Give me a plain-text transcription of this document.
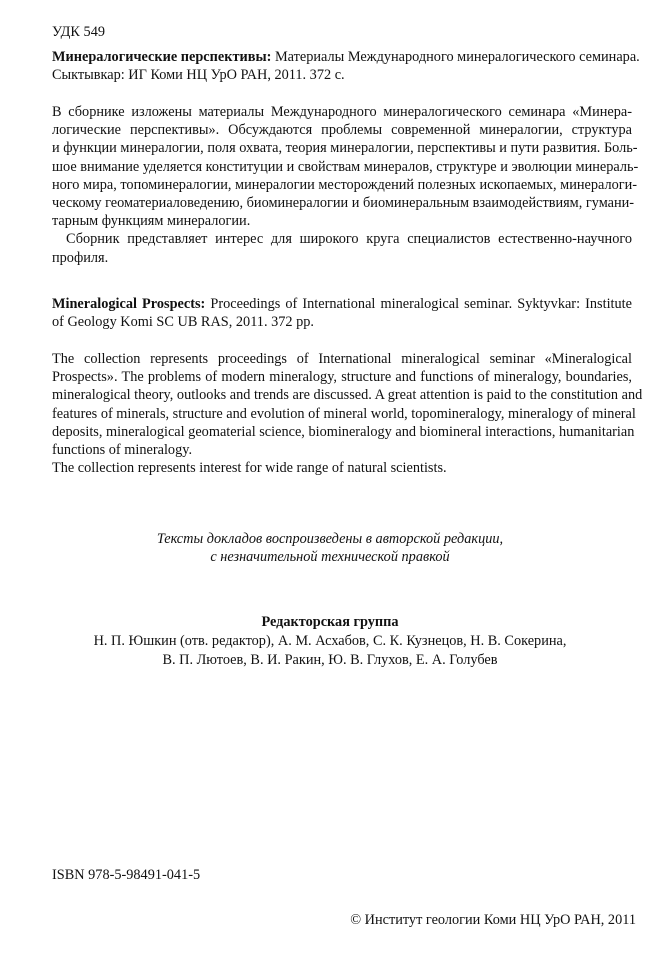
УДК 549
Минералогические перспективы: Материалы Международного минералогического семинара.
Сыктывкар: ИГ Коми НЦ УрО РАН, 2011. 372 с.
В сборнике изложены материалы Международного минералогического семинара «Минера-
логические перспективы». Обсуждаются проблемы современной минералогии, структура
и функции минералогии, поля охвата, теория минералогии, перспективы и пути развития. Боль-
шое внимание уделяется конституции и свойствам минералов, структуре и эволюции минераль-
ного мира, топоминералогии, минералогии месторождений полезных ископаемых, минералоги-
ческому геоматериаловедению, биоминералогии и биоминеральным взаимодействиям, гумани-
тарным функциям минералогии.
Сборник представляет интерес для широкого круга специалистов естественно-научного
профиля.
Mineralogical Prospects: Proceedings of International mineralogical seminar. Syktyvkar: Institute
of Geology Komi SC UB RAS, 2011. 372 pp.
The collection represents proceedings of International mineralogical seminar «Mineralogical
Prospects». The problems of modern mineralogy, structure and functions of mineralogy, boundaries,
mineralogical theory, outlooks and trends are discussed. A great attention is paid to the constitution and
features of minerals, structure and evolution of mineral world, topomineralogy, mineralogy of mineral
deposits, mineralogical geomaterial science, biomineralogy and biomineral interactions, humanitarian
functions of mineralogy.
The collection represents interest for wide range of natural scientists.
Тексты докладов воспроизведены в авторской редакции,
с незначительной технической правкой
Редакторская группа
Н. П. Юшкин (отв. редактор), А. М. Асхабов, С. К. Кузнецов, Н. В. Сокерина,
В. П. Лютоев, В. И. Ракин, Ю. В. Глухов, Е. А. Голубев
ISBN 978-5-98491-041-5
© Институт геологии Коми НЦ УрО РАН, 2011
